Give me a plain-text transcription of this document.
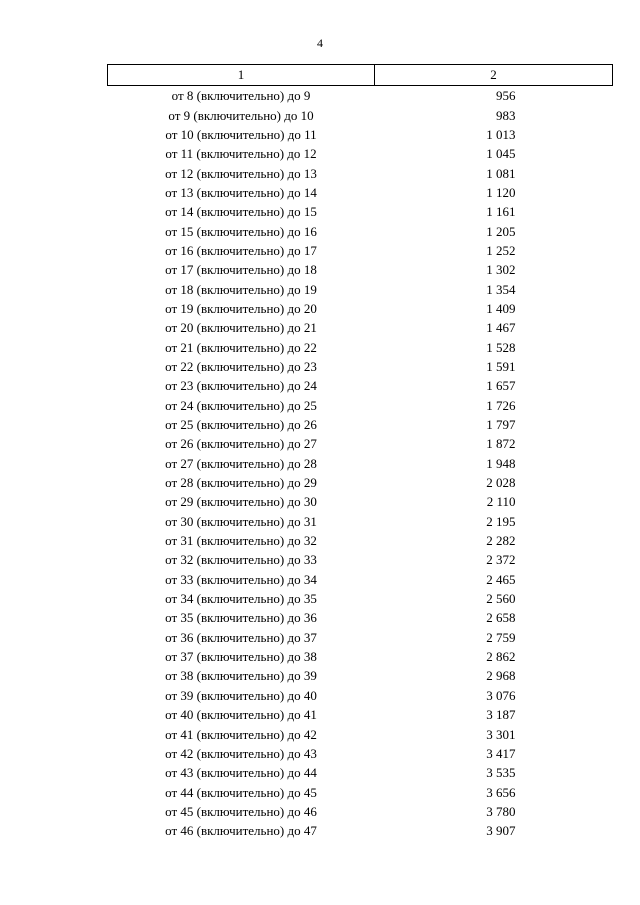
4
1	2
от 8 (включительно) до 9	956
от 9 (включительно) до 10	983
от 10 (включительно) до 11	1 013
от 11 (включительно) до 12	1 045
от 12 (включительно) до 13	1 081
от 13 (включительно) до 14	1 120
от 14 (включительно) до 15	1 161
от 15 (включительно) до 16	1 205
от 16 (включительно) до 17	1 252
от 17 (включительно) до 18	1 302
от 18 (включительно) до 19	1 354
от 19 (включительно) до 20	1 409
от 20 (включительно) до 21	1 467
от 21 (включительно) до 22	1 528
от 22 (включительно) до 23	1 591
от 23 (включительно) до 24	1 657
от 24 (включительно) до 25	1 726
от 25 (включительно) до 26	1 797
от 26 (включительно) до 27	1 872
от 27 (включительно) до 28	1 948
от 28 (включительно) до 29	2 028
от 29 (включительно) до 30	2 110
от 30 (включительно) до 31	2 195
от 31 (включительно) до 32	2 282
от 32 (включительно) до 33	2 372
от 33 (включительно) до 34	2 465
от 34 (включительно) до 35	2 560
от 35 (включительно) до 36	2 658
от 36 (включительно) до 37	2 759
от 37 (включительно) до 38	2 862
от 38 (включительно) до 39	2 968
от 39 (включительно) до 40	3 076
от 40 (включительно) до 41	3 187
от 41 (включительно) до 42	3 301
от 42 (включительно) до 43	3 417
от 43 (включительно) до 44	3 535
от 44 (включительно) до 45	3 656
от 45 (включительно) до 46	3 780
от 46 (включительно) до 47	3 907
